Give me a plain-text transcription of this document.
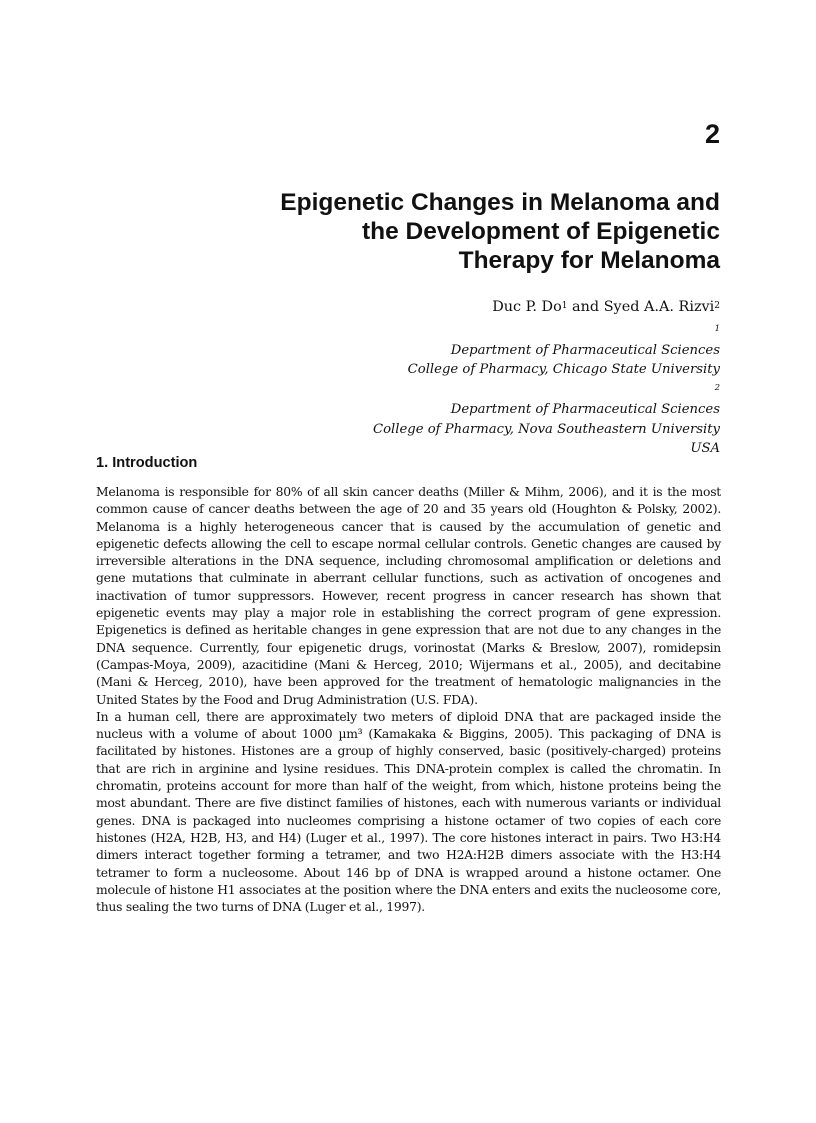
2
Epigenetic Changes in Melanoma and
the Development of Epigenetic
Therapy for Melanoma

Duc P. Do$^1$ and Syed A.A. Rizvi$^2$

$^1$
Department of Pharmaceutical Sciences
College of Pharmacy, Chicago State University
$^2$
Department of Pharmaceutical Sciences
College of Pharmacy, Nova Southeastern University
USA
1. Introduction

Melanoma is responsible for 80% of all skin cancer deaths (Miller & Mihm, 2006), and it is the most common cause of cancer deaths between the age of 20 and 35 years old (Houghton & Polsky, 2002). Melanoma is a highly heterogeneous cancer that is caused by the accumulation of genetic and epigenetic defects allowing the cell to escape normal cellular controls. Genetic changes are caused by irreversible alterations in the DNA sequence, including chromosomal amplification or deletions and gene mutations that culminate in aberrant cellular functions, such as activation of oncogenes and inactivation of tumor suppressors. However, recent progress in cancer research has shown that epigenetic events may play a major role in establishing the correct program of gene expression. Epigenetics is defined as heritable changes in gene expression that are not due to any changes in the DNA sequence. Currently, four epigenetic drugs, vorinostat (Marks & Breslow, 2007), romidepsin (Campas-Moya, 2009), azacitidine (Mani & Herceg, 2010; Wijermans et al., 2005), and decitabine (Mani & Herceg, 2010), have been approved for the treatment of hematologic malignancies in the United States by the Food and Drug Administration (U.S. FDA).

In a human cell, there are approximately two meters of diploid DNA that are packaged inside the nucleus with a volume of about 1000 µm³ (Kamakaka & Biggins, 2005). This packaging of DNA is facilitated by histones. Histones are a group of highly conserved, basic (positively-charged) proteins that are rich in arginine and lysine residues. This DNA-protein complex is called the chromatin. In chromatin, proteins account for more than half of the weight, from which, histone proteins being the most abundant. There are five distinct families of histones, each with numerous variants or individual genes. DNA is packaged into nucleomes comprising a histone octamer of two copies of each core histones (H2A, H2B, H3, and H4) (Luger et al., 1997). The core histones interact in pairs. Two H3:H4 dimers interact together forming a tetramer, and two H2A:H2B dimers associate with the H3:H4 tetramer to form a nucleosome. About 146 bp of DNA is wrapped around a histone octamer. One molecule of histone H1 associates at the position where the DNA enters and exits the nucleosome core, thus sealing the two turns of DNA (Luger et al., 1997).
